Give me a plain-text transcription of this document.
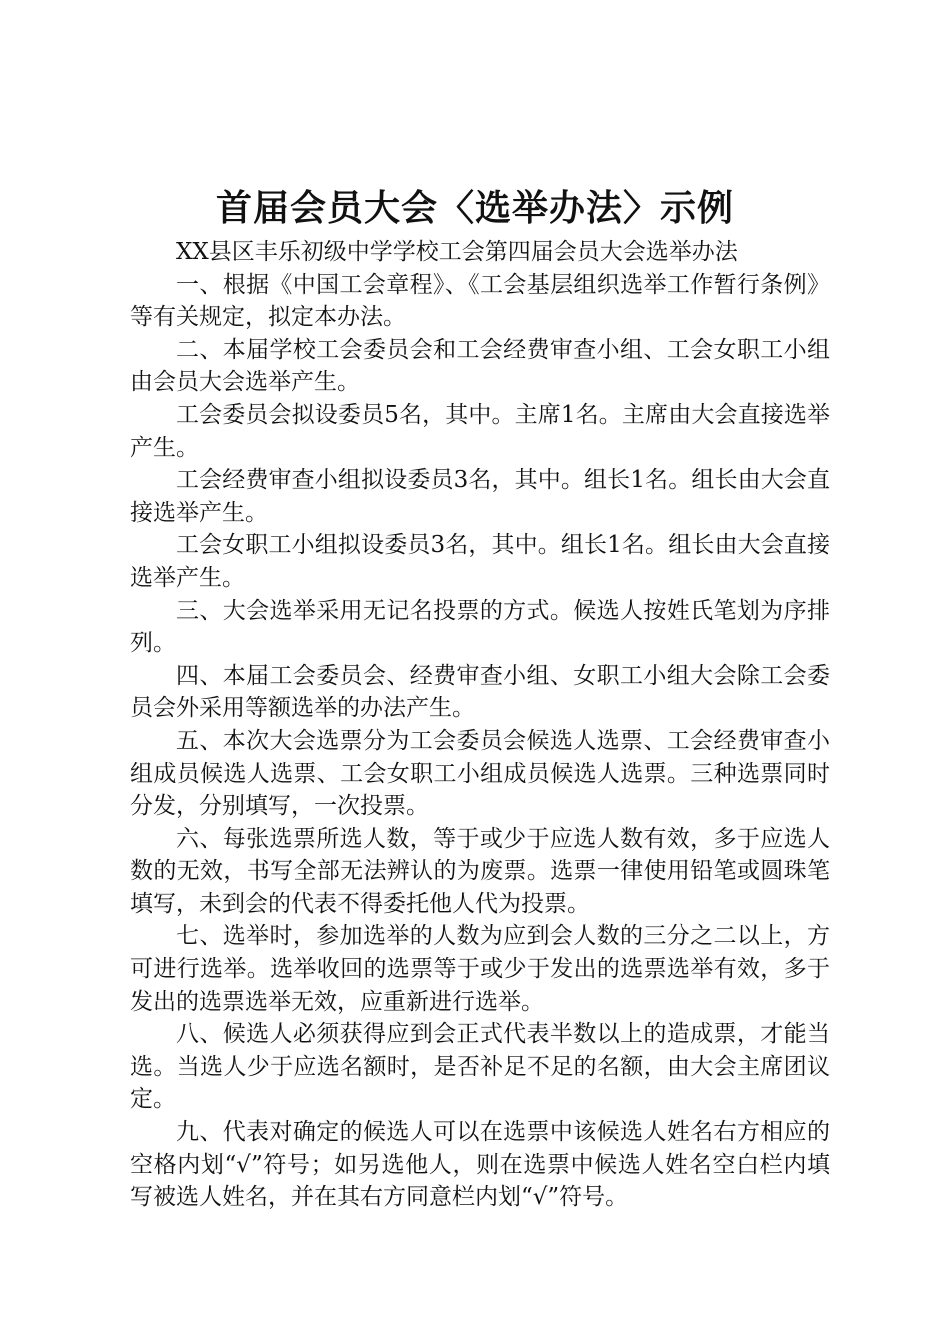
首届会员大会〈选举办法〉示例

XX县区丰乐初级中学学校工会第四届会员大会选举办法

一、根据《中国工会章程》、《工会基层组织选举工作暂行条例》等有关规定，拟定本办法。

二、本届学校工会委员会和工会经费审查小组、工会女职工小组由会员大会选举产生。

工会委员会拟设委员5名，其中。主席1名。主席由大会直接选举产生。

工会经费审查小组拟设委员3名，其中。组长1名。组长由大会直接选举产生。

工会女职工小组拟设委员3名，其中。组长1名。组长由大会直接选举产生。

三、大会选举采用无记名投票的方式。候选人按姓氏笔划为序排列。

四、本届工会委员会、经费审查小组、女职工小组大会除工会委员会外采用等额选举的办法产生。

五、本次大会选票分为工会委员会候选人选票、工会经费审查小组成员候选人选票、工会女职工小组成员候选人选票。三种选票同时分发，分别填写，一次投票。

六、每张选票所选人数，等于或少于应选人数有效，多于应选人数的无效，书写全部无法辨认的为废票。选票一律使用铅笔或圆珠笔填写，未到会的代表不得委托他人代为投票。

七、选举时，参加选举的人数为应到会人数的三分之二以上，方可进行选举。选举收回的选票等于或少于发出的选票选举有效，多于发出的选票选举无效，应重新进行选举。

八、候选人必须获得应到会正式代表半数以上的造成票，才能当选。当选人少于应选名额时，是否补足不足的名额，由大会主席团议定。

九、代表对确定的候选人可以在选票中该候选人姓名右方相应的空格内划“√”符号；如另选他人，则在选票中候选人姓名空白栏内填写被选人姓名，并在其右方同意栏内划“√”符号。
